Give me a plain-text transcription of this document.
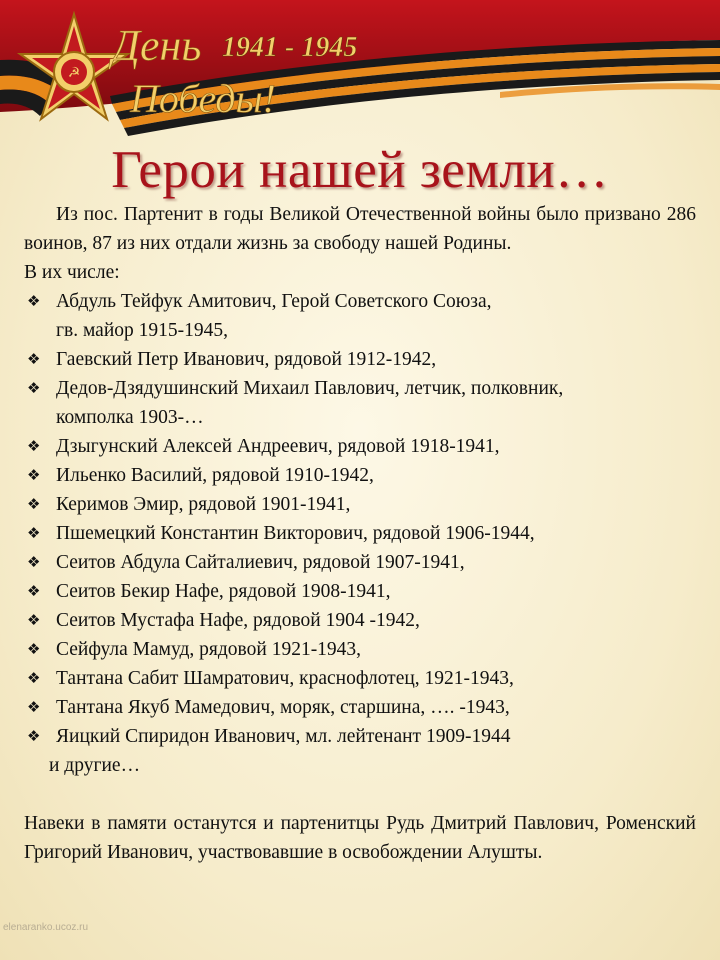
☭
День
Победы!
1941 - 1945
Герои нашей земли…

Из пос. Партенит в годы Великой Отечественной войны было призвано 286 воинов, 87 из них отдали жизнь за свободу нашей Родины.

В их числе:
❖ Абдуль Тейфук Амитович, Герой Советского Союза,
гв. майор 1915-1945,
❖ Гаевский Петр Иванович, рядовой 1912-1942,
❖ Дедов-Дзядушинский Михаил Павлович, летчик, полковник,
комполка 1903-…
❖ Дзыгунский Алексей Андреевич, рядовой 1918-1941,
❖ Ильенко Василий, рядовой 1910-1942,
❖ Керимов Эмир, рядовой 1901-1941,
❖ Пшемецкий Константин Викторович, рядовой 1906-1944,
❖ Сеитов Абдула Сайталиевич, рядовой 1907-1941,
❖ Сеитов Бекир Нафе, рядовой 1908-1941,
❖ Сеитов Мустафа Нафе, рядовой 1904 -1942,
❖ Сейфула Мамуд, рядовой 1921-1943,
❖ Тантана Сабит Шамратович, краснофлотец, 1921-1943,
❖ Тантана Якуб Мамедович, моряк, старшина, …. -1943,
❖ Яицкий Спиридон Иванович, мл. лейтенант 1909-1944
и другие…

Навеки в памяти останутся и партенитцы Рудь Дмитрий Павлович, Роменский Григорий Иванович, участвовавшие в освобождении Алушты.

elenaranko.ucoz.ru
